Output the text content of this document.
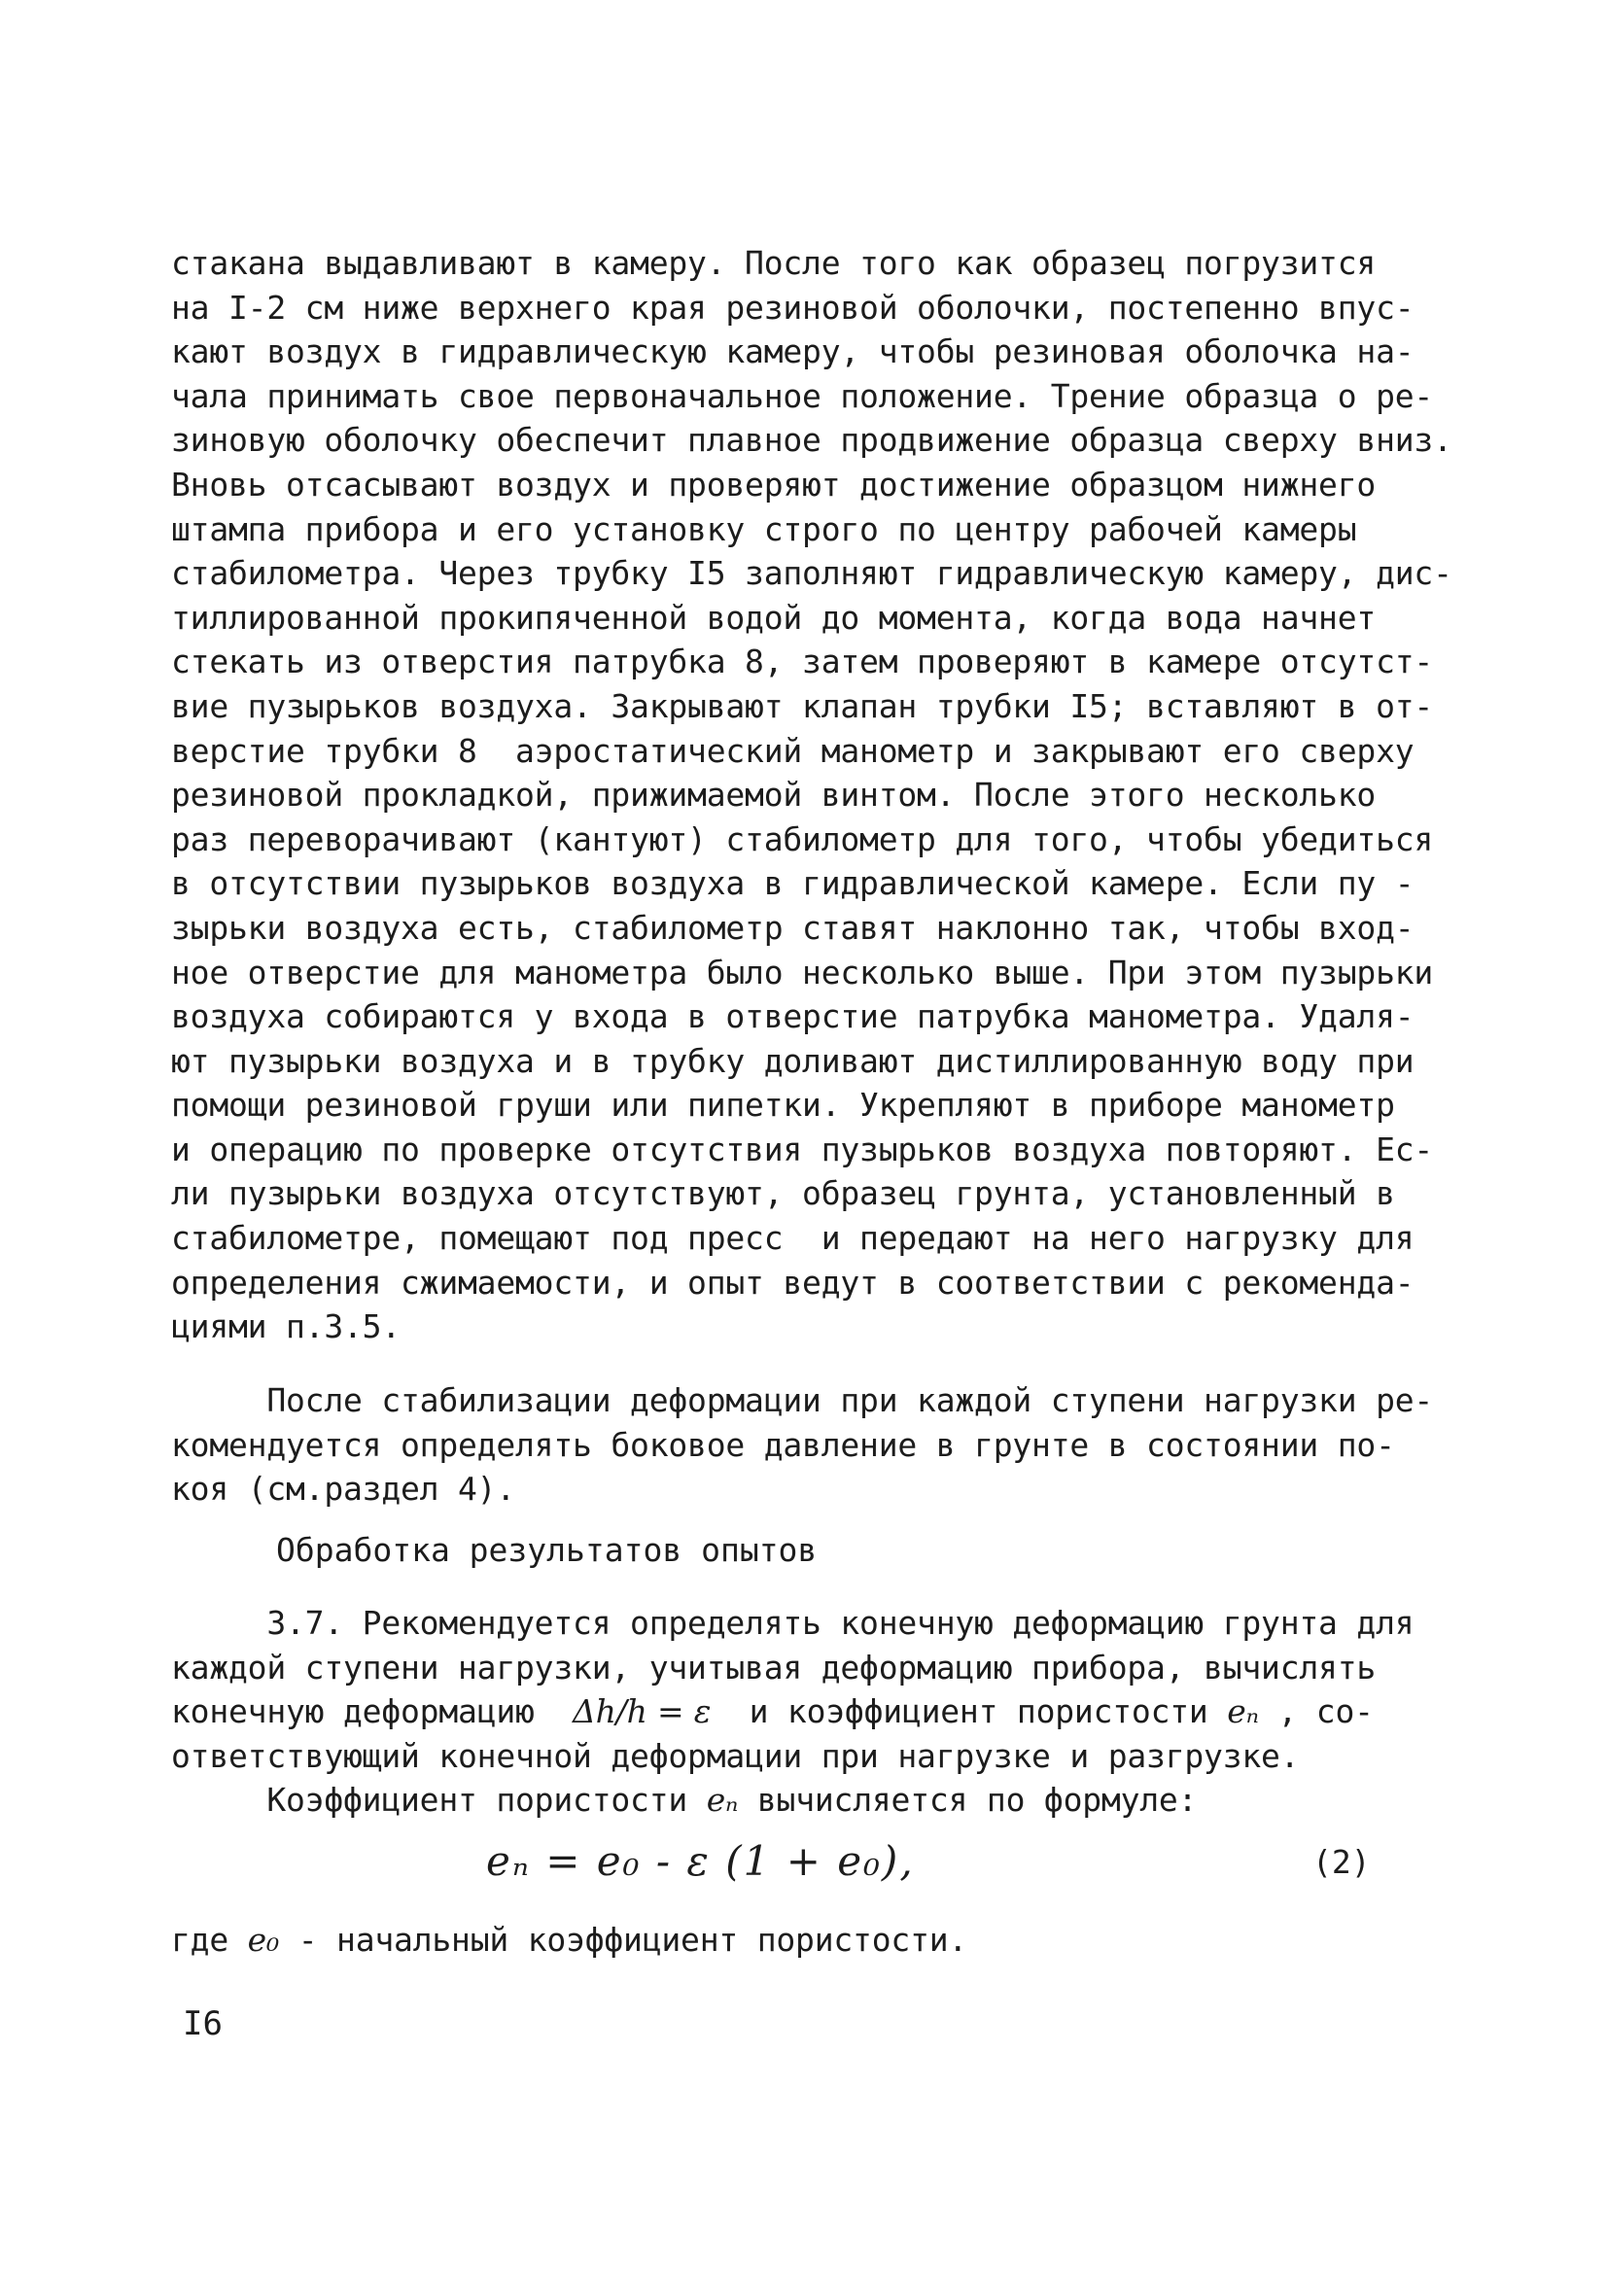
стакана выдавливают в камеру. После того как образец погрузится
на I-2 см ниже верхнего края резиновой оболочки, постепенно впус-
кают воздух в гидравлическую камеру, чтобы резиновая оболочка на-
чала принимать свое первоначальное положение. Трение образца о ре-
зиновую оболочку обеспечит плавное продвижение образца сверху вниз.
Вновь отсасывают воздух и проверяют достижение образцом нижнего
штампа прибора и его установку строго по центру рабочей камеры
стабилометра. Через трубку I5 заполняют гидравлическую камеру, дис-
тиллированной прокипяченной водой до момента, когда вода начнет
стекать из отверстия патрубка 8, затем проверяют в камере отсутст-
вие пузырьков воздуха. Закрывают клапан трубки I5; вставляют в от-
верстие трубки 8  аэростатический манометр и закрывают его сверху
резиновой прокладкой, прижимаемой винтом. После этого несколько
раз переворачивают (кантуют) стабилометр для того, чтобы убедиться
в отсутствии пузырьков воздуха в гидравлической камере. Если пу -
зырьки воздуха есть, стабилометр ставят наклонно так, чтобы вход-
ное отверстие для манометра было несколько выше. При этом пузырьки
воздуха собираются у входа в отверстие патрубка манометра. Удаля-
ют пузырьки воздуха и в трубку доливают дистиллированную воду при
помощи резиновой груши или пипетки. Укрепляют в приборе манометр
и операцию по проверке отсутствия пузырьков воздуха повторяют. Ес-
ли пузырьки воздуха отсутствуют, образец грунта, установленный в
стабилометре, помещают под пресс  и передают на него нагрузку для
определения сжимаемости, и опыт ведут в соответствии с рекоменда-
циями п.3.5.
После стабилизации деформации при каждой ступени нагрузки ре-
комендуется определять боковое давление в грунте в состоянии по-
коя (см.раздел 4).
Обработка результатов опытов
3.7. Рекомендуется определять конечную деформацию грунта для
каждой ступени нагрузки, учитывая деформацию прибора, вычислять
конечную деформацию  Δh/h = ε  и коэффициент пористости eₙ , со-
ответствующий конечной деформации при нагрузке и разгрузке.
Коэффициент пористости eₙ вычисляется по формуле:
eₙ = e₀ - ε (1 + e₀),	(2)
где e₀ - начальный коэффициент пористости.
I6
